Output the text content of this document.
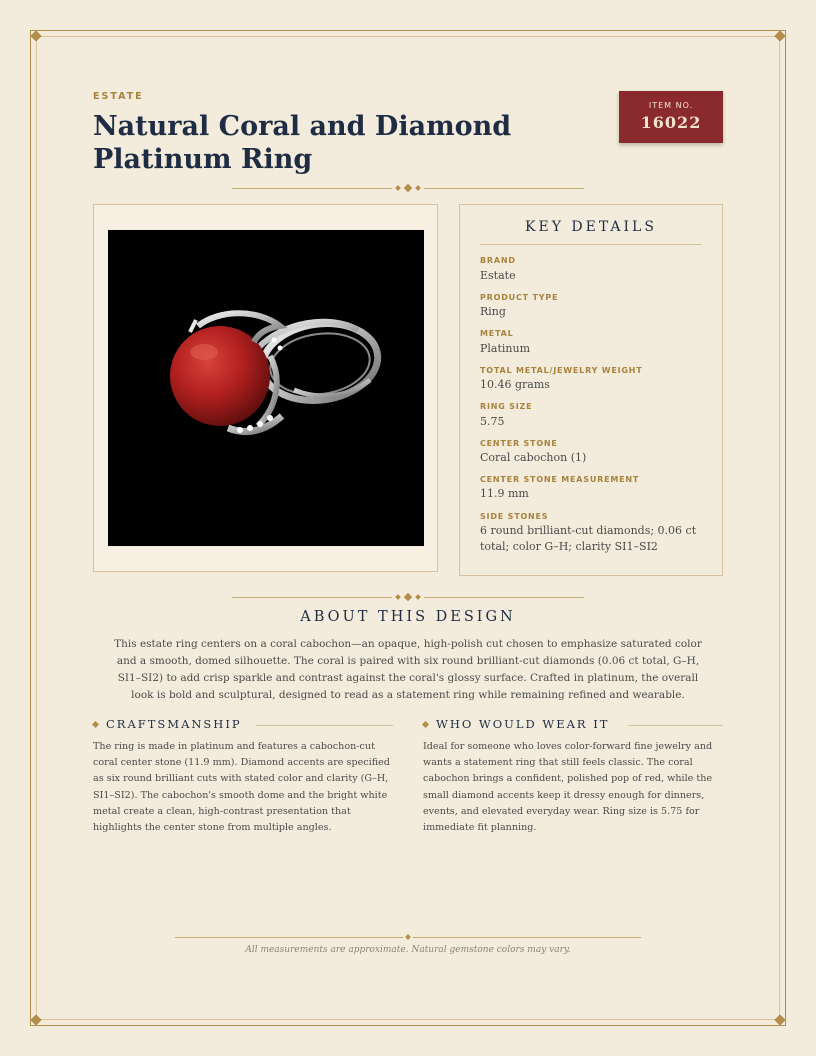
ESTATE
Natural Coral and Diamond Platinum Ring
ITEM NO.
16022
KEY DETAILS
BRAND
Estate
PRODUCT TYPE
Ring
METAL
Platinum
TOTAL METAL/JEWELRY WEIGHT
10.46 grams
RING SIZE
5.75
CENTER STONE
Coral cabochon (1)
CENTER STONE MEASUREMENT
11.9 mm
SIDE STONES
6 round brilliant-cut diamonds; 0.06 ct total; color G–H; clarity SI1–SI2
ABOUT THIS DESIGN
This estate ring centers on a coral cabochon—an opaque, high-polish cut chosen to emphasize saturated color and a smooth, domed silhouette. The coral is paired with six round brilliant-cut diamonds (0.06 ct total, G–H, SI1–SI2) to add crisp sparkle and contrast against the coral's glossy surface. Crafted in platinum, the overall look is bold and sculptural, designed to read as a statement ring while remaining refined and wearable.
CRAFTSMANSHIP
The ring is made in platinum and features a cabochon-cut coral center stone (11.9 mm). Diamond accents are specified as six round brilliant cuts with stated color and clarity (G–H, SI1–SI2). The cabochon's smooth dome and the bright white metal create a clean, high-contrast presentation that highlights the center stone from multiple angles.
WHO WOULD WEAR IT
Ideal for someone who loves color-forward fine jewelry and wants a statement ring that still feels classic. The coral cabochon brings a confident, polished pop of red, while the small diamond accents keep it dressy enough for dinners, events, and elevated everyday wear. Ring size is 5.75 for immediate fit planning.
All measurements are approximate. Natural gemstone colors may vary.
